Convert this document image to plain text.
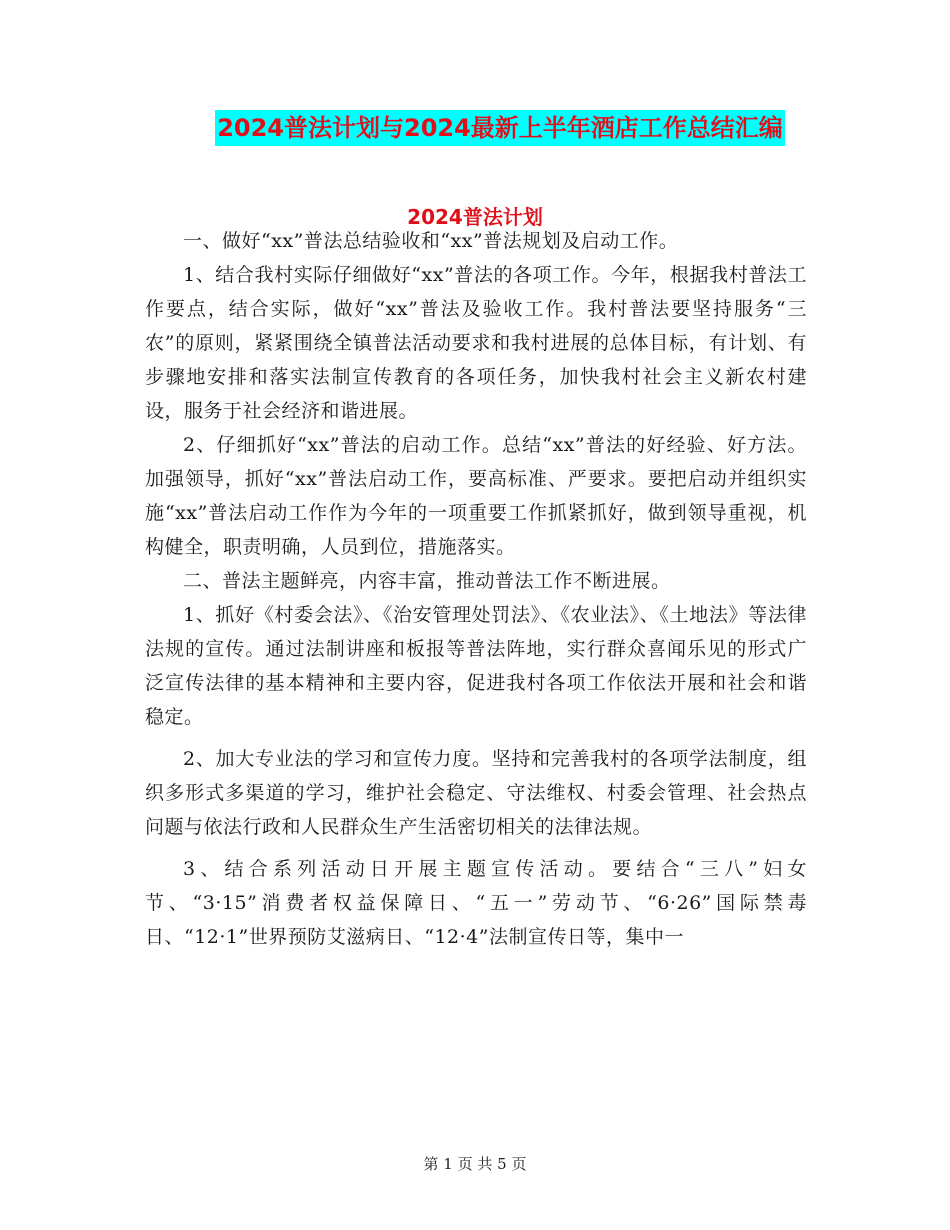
2024普法计划与2024最新上半年酒店工作总结汇编
2024普法计划

一、做好“xx”普法总结验收和“xx”普法规划及启动工作。

1、结合我村实际仔细做好“xx”普法的各项工作。今年，根据我村普法工作要点，结合实际，做好“xx”普法及验收工作。我村普法要坚持服务“三农”的原则，紧紧围绕全镇普法活动要求和我村进展的总体目标，有计划、有步骤地安排和落实法制宣传教育的各项任务，加快我村社会主义新农村建设，服务于社会经济和谐进展。

2、仔细抓好“xx”普法的启动工作。总结“xx”普法的好经验、好方法。加强领导，抓好“xx”普法启动工作，要高标准、严要求。要把启动并组织实施“xx”普法启动工作作为今年的一项重要工作抓紧抓好，做到领导重视，机构健全，职责明确，人员到位，措施落实。

二、普法主题鲜亮，内容丰富，推动普法工作不断进展。

1、抓好《村委会法》、《治安管理处罚法》、《农业法》、《土地法》等法律法规的宣传。通过法制讲座和板报等普法阵地，实行群众喜闻乐见的形式广泛宣传法律的基本精神和主要内容，促进我村各项工作依法开展和社会和谐稳定。

2、加大专业法的学习和宣传力度。坚持和完善我村的各项学法制度，组织多形式多渠道的学习，维护社会稳定、守法维权、村委会管理、社会热点问题与依法行政和人民群众生产生活密切相关的法律法规。

3、结合系列活动日开展主题宣传活动。要结合“三八”妇女节、“3·15”消费者权益保障日、“五一”劳动节、“6·26”国际禁毒日、“12·1”世界预防艾滋病日、“12·4”法制宣传日等，集中一

第 1 页 共 5 页
